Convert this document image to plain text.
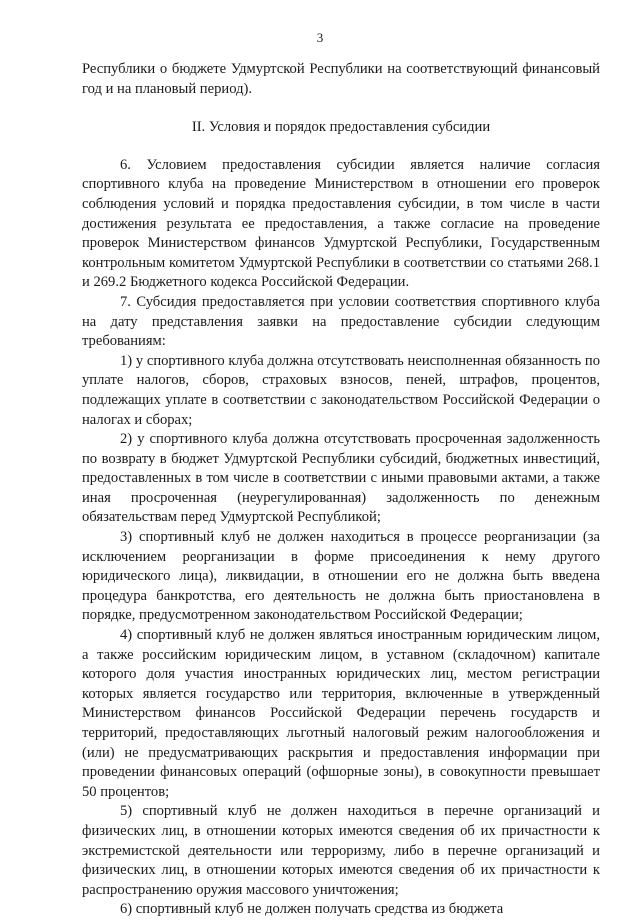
3

Республики о бюджете Удмуртской Республики на соответствующий финансовый год и на плановый период).

II. Условия и порядок предоставления субсидии

6. Условием предоставления субсидии является наличие согласия спортивного клуба на проведение Министерством в отношении его проверок соблюдения условий и порядка предоставления субсидии, в том числе в части достижения результата ее предоставления, а также согласие на проведение проверок Министерством финансов Удмуртской Республики, Государственным контрольным комитетом Удмуртской Республики в соответствии со статьями 268.1 и 269.2 Бюджетного кодекса Российской Федерации.

7. Субсидия предоставляется при условии соответствия спортивного клуба на дату представления заявки на предоставление субсидии следующим требованиям:

1) у спортивного клуба должна отсутствовать неисполненная обязанность по уплате налогов, сборов, страховых взносов, пеней, штрафов, процентов, подлежащих уплате в соответствии с законодательством Российской Федерации о налогах и сборах;

2) у спортивного клуба должна отсутствовать просроченная задолженность по возврату в бюджет Удмуртской Республики субсидий, бюджетных инвестиций, предоставленных в том числе в соответствии с иными правовыми актами, а также иная просроченная (неурегулированная) задолженность по денежным обязательствам перед Удмуртской Республикой;

3) спортивный клуб не должен находиться в процессе реорганизации (за исключением реорганизации в форме присоединения к нему другого юридического лица), ликвидации, в отношении его не должна быть введена процедура банкротства, его деятельность не должна быть приостановлена в порядке, предусмотренном законодательством Российской Федерации;

4) спортивный клуб не должен являться иностранным юридическим лицом, а также российским юридическим лицом, в уставном (складочном) капитале которого доля участия иностранных юридических лиц, местом регистрации которых является государство или территория, включенные в утвержденный Министерством финансов Российской Федерации перечень государств и территорий, предоставляющих льготный налоговый режим налогообложения и (или) не предусматривающих раскрытия и предоставления информации при проведении финансовых операций (офшорные зоны), в совокупности превышает 50 процентов;

5) спортивный клуб не должен находиться в перечне организаций и физических лиц, в отношении которых имеются сведения об их причастности к экстремистской деятельности или терроризму, либо в перечне организаций и физических лиц, в отношении которых имеются сведения об их причастности к распространению оружия массового уничтожения;

6) спортивный клуб не должен получать средства из бюджета
